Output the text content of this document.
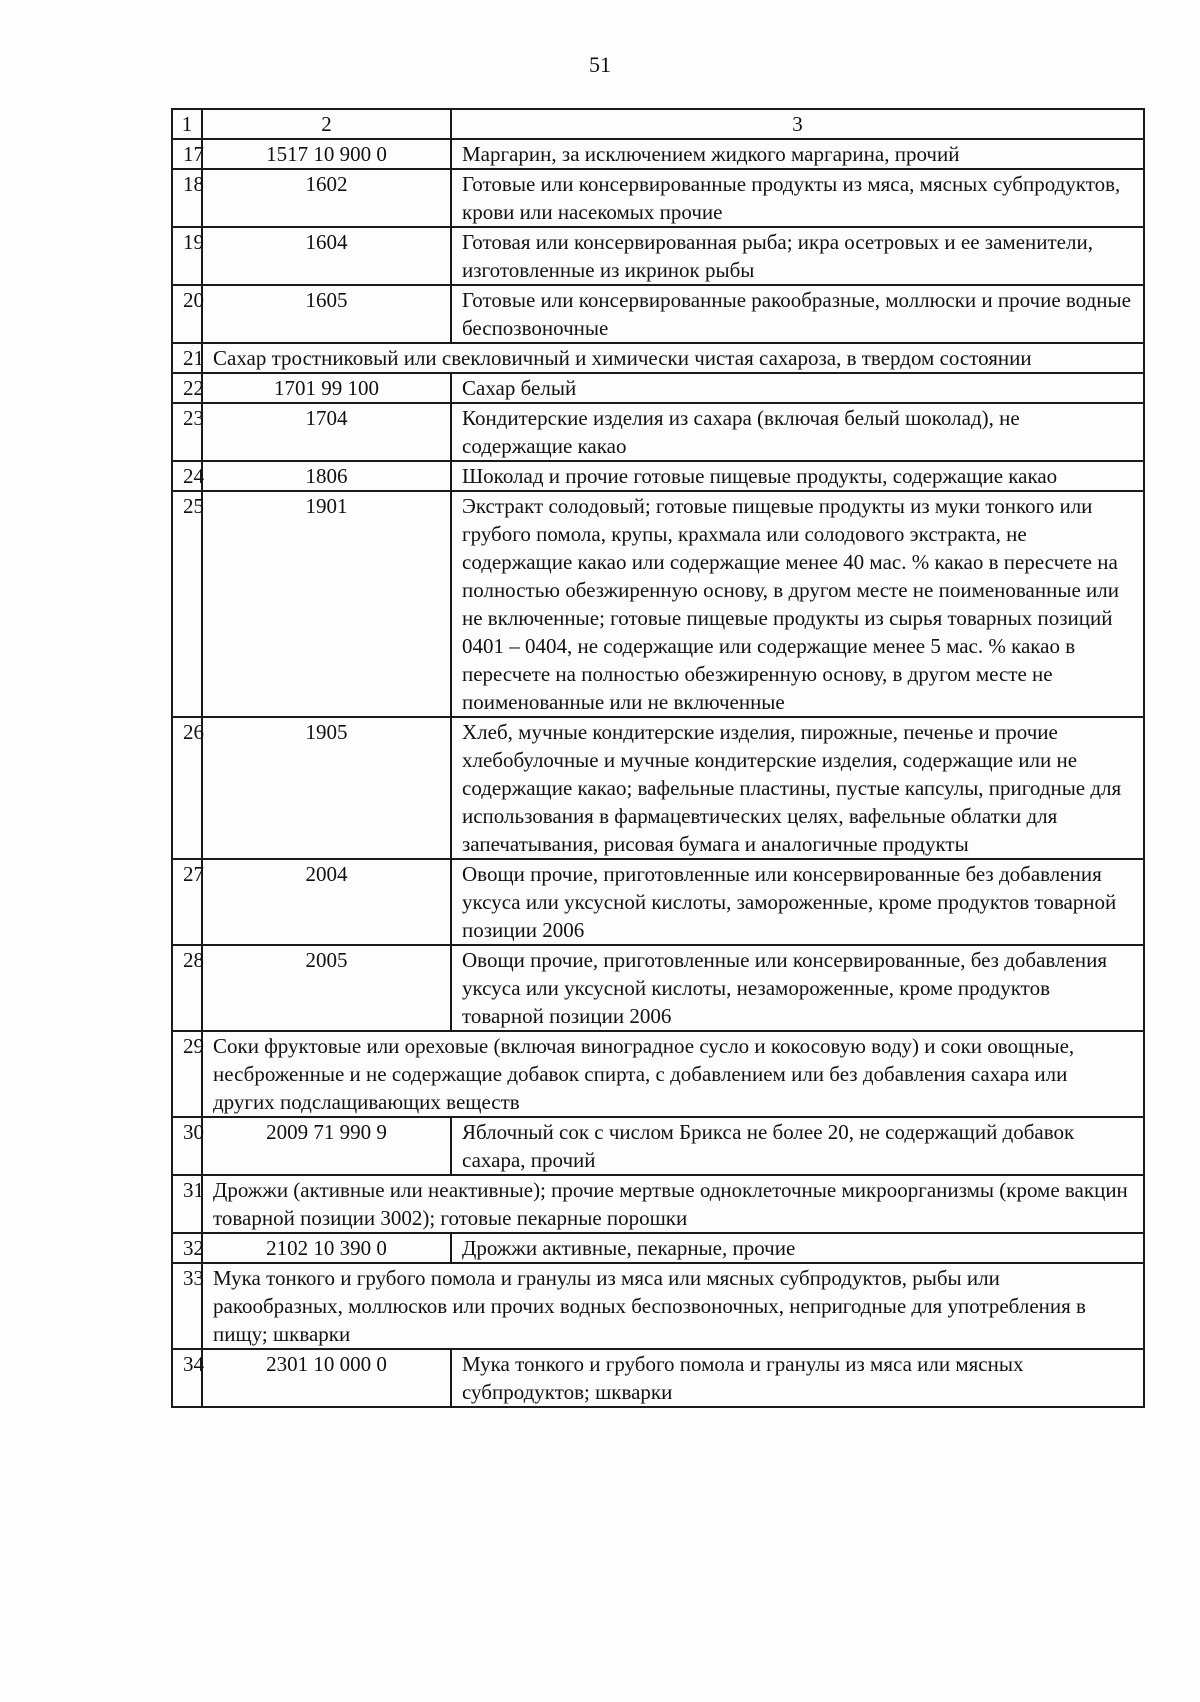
51
1	2	3
17	1517 10 900 0	Маргарин, за исключением жидкого маргарина, прочий
18	1602	Готовые или консервированные продукты из мяса, мясных субпродуктов, крови или насекомых прочие
19	1604	Готовая или консервированная рыба; икра осетровых и ее заменители, изготовленные из икринок рыбы
20	1605	Готовые или консервированные ракообразные, моллюски и прочие водные беспозвоночные
21	Сахар тростниковый или свекловичный и химически чистая сахароза, в твердом состоянии	
22	1701 99 100	Сахар белый
23	1704	Кондитерские изделия из сахара (включая белый шоколад), не содержащие какао
24	1806	Шоколад и прочие готовые пищевые продукты, содержащие какао
25	1901	Экстракт солодовый; готовые пищевые продукты из муки тонкого или грубого помола, крупы, крахмала или солодового экстракта, не содержащие какао или содержащие менее 40 мас. % какао в пересчете на полностью обезжиренную основу, в другом месте не поименованные или не включенные; готовые пищевые продукты из сырья товарных позиций 0401 – 0404, не содержащие или содержащие менее 5 мас. % какао в пересчете на полностью обезжиренную основу, в другом месте не поименованные или не включенные
26	1905	Хлеб, мучные кондитерские изделия, пирожные, печенье и прочие хлебобулочные и мучные кондитерские изделия, содержащие или не содержащие какао; вафельные пластины, пустые капсулы, пригодные для использования в фармацевтических целях, вафельные облатки для запечатывания, рисовая бумага и аналогичные продукты
27	2004	Овощи прочие, приготовленные или консервированные без добавления уксуса или уксусной кислоты, замороженные, кроме продуктов товарной позиции 2006
28	2005	Овощи прочие, приготовленные или консервированные, без добавления уксуса или уксусной кислоты, незамороженные, кроме продуктов товарной позиции 2006
29	Соки фруктовые или ореховые (включая виноградное сусло и кокосовую воду) и соки овощные, несброженные и не содержащие добавок спирта, с добавлением или без добавления сахара или других подслащивающих веществ	
30	2009 71 990 9	Яблочный сок с числом Брикса не более 20, не содержащий добавок сахара, прочий
31	Дрожжи (активные или неактивные); прочие мертвые одноклеточные микроорганизмы (кроме вакцин товарной позиции 3002); готовые пекарные порошки	
32	2102 10 390 0	Дрожжи активные, пекарные, прочие
33	Мука тонкого и грубого помола и гранулы из мяса или мясных субпродуктов, рыбы или ракообразных, моллюсков или прочих водных беспозвоночных, непригодные для употребления в пищу; шкварки	
34	2301 10 000 0	Мука тонкого и грубого помола и гранулы из мяса или мясных субпродуктов; шкварки
